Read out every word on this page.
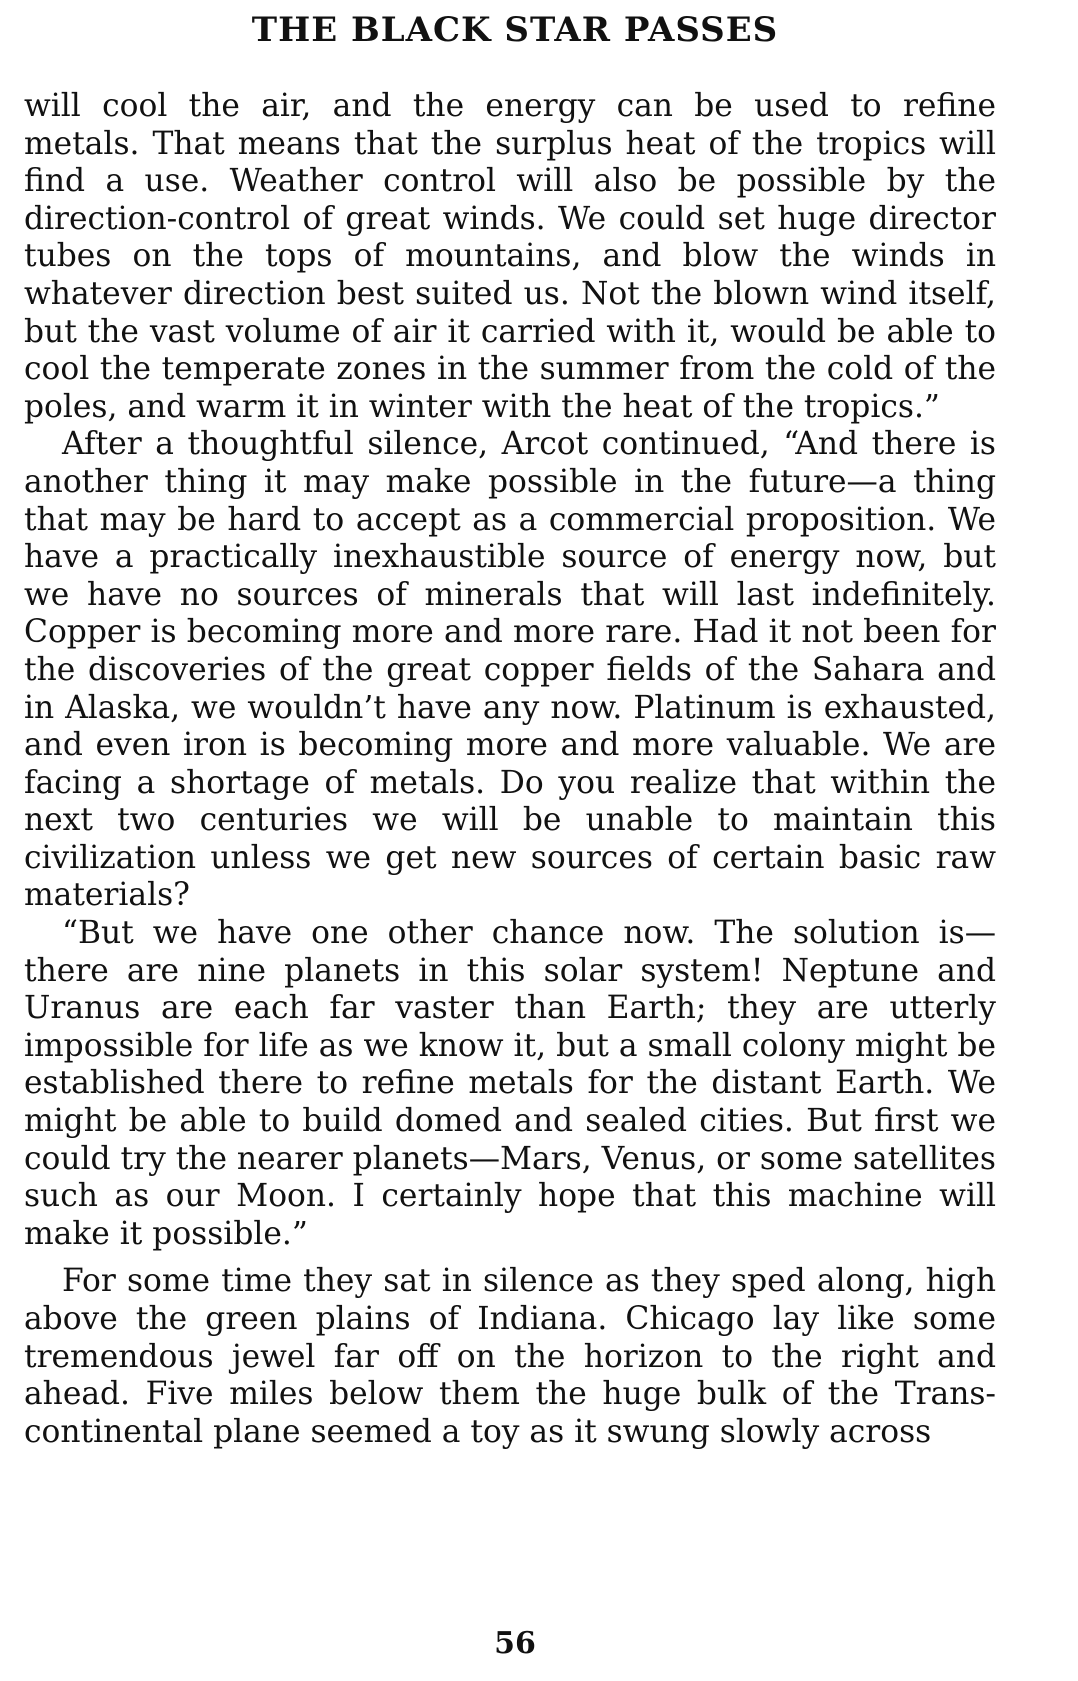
THE BLACK STAR PASSES

will cool the air, and the energy can be used to refine metals. That means that the surplus heat of the tropics will find a use. Weather control will also be possible by the direction-control of great winds. We could set huge director tubes on the tops of mountains, and blow the winds in whatever direction best suited us. Not the blown wind itself, but the vast volume of air it carried with it, would be able to cool the temperate zones in the summer from the cold of the poles, and warm it in winter with the heat of the tropics.”

After a thoughtful silence, Arcot continued, “And there is another thing it may make possible in the future—a thing that may be hard to accept as a commercial proposition. We have a practically inexhaustible source of energy now, but we have no sources of minerals that will last indefinitely. Copper is becoming more and more rare. Had it not been for the discoveries of the great copper fields of the Sahara and in Alaska, we wouldn’t have any now. Platinum is exhausted, and even iron is becoming more and more valuable. We are facing a shortage of metals. Do you realize that within the next two centuries we will be unable to maintain this civilization unless we get new sources of certain basic raw materials?

“But we have one other chance now. The solution is—there are nine planets in this solar system! Neptune and Uranus are each far vaster than Earth; they are utterly impossible for life as we know it, but a small colony might be established there to refine metals for the distant Earth. We might be able to build domed and sealed cities. But first we could try the nearer planets—Mars, Venus, or some satellites such as our Moon. I certainly hope that this machine will make it possible.”

For some time they sat in silence as they sped along, high above the green plains of Indiana. Chicago lay like some tremendous jewel far off on the horizon to the right and ahead. Five miles below them the huge bulk of the Transcontinental plane seemed a toy as it swung slowly across

56
